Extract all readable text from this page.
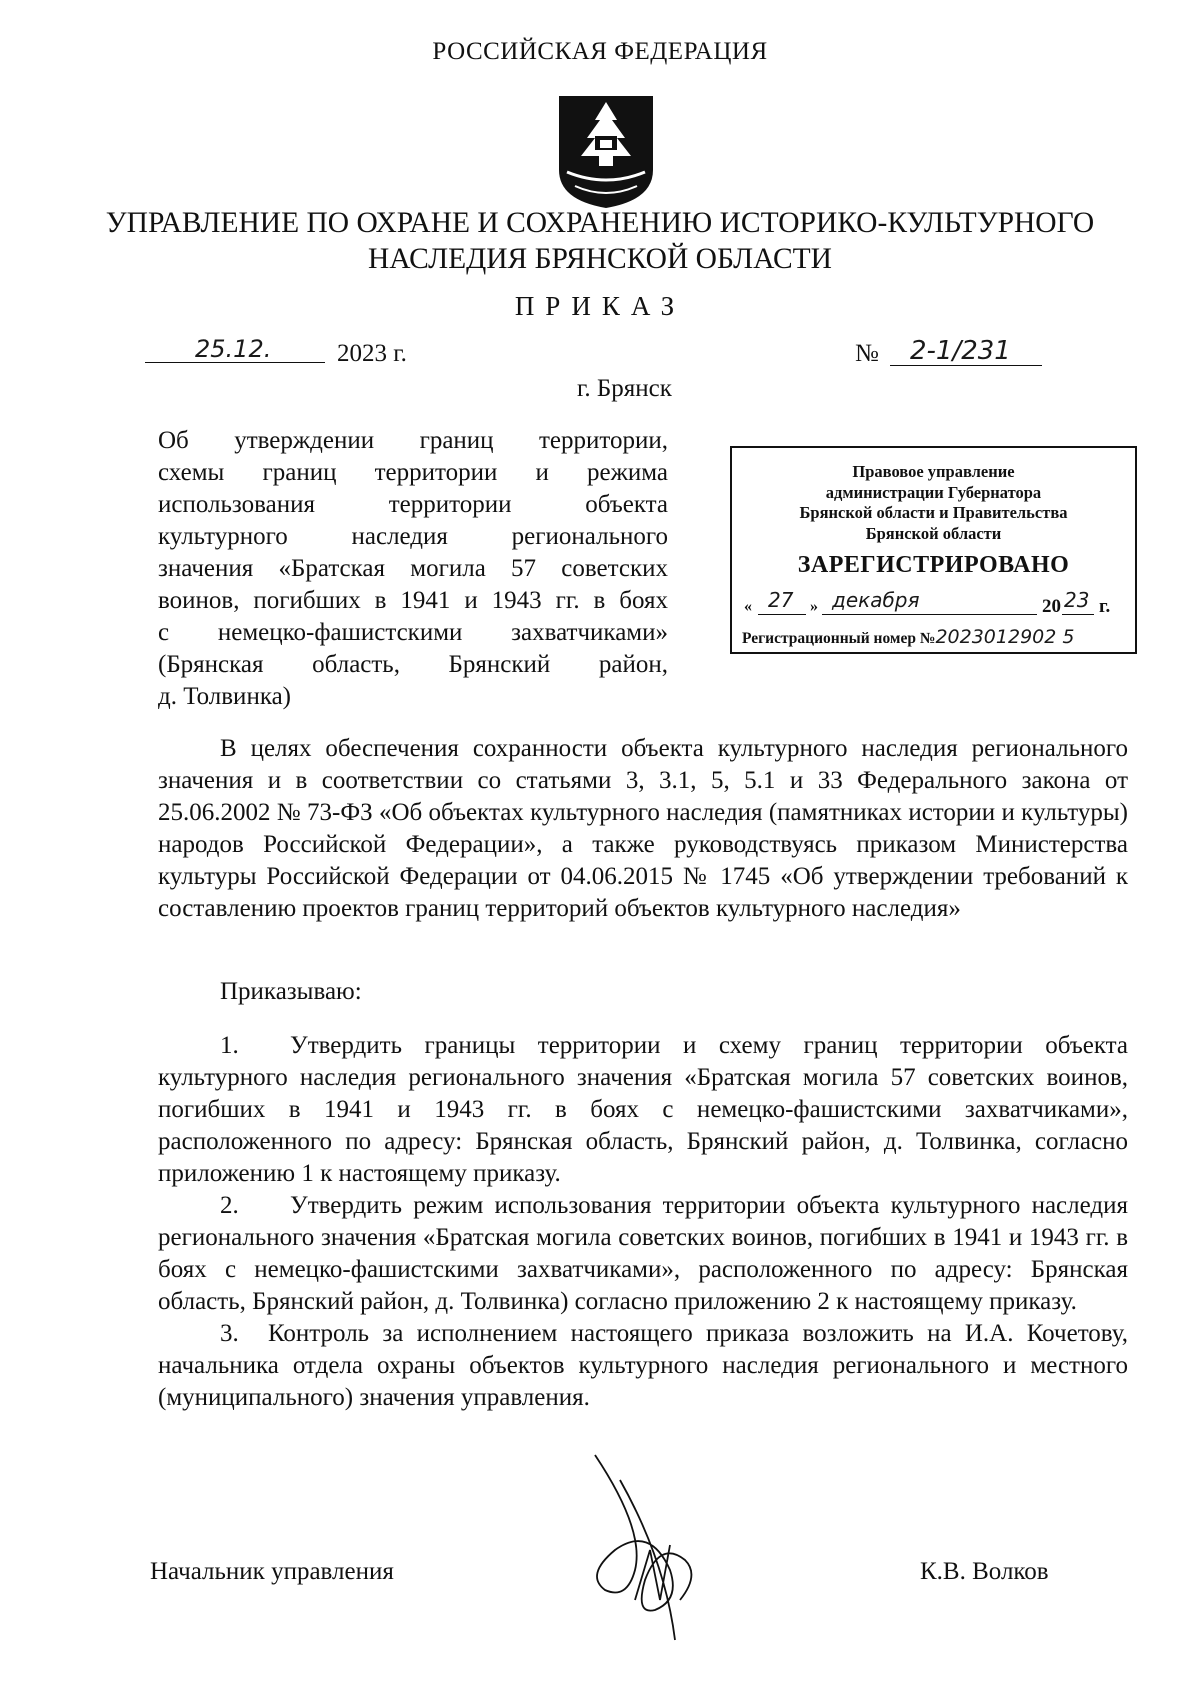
РОССИЙСКАЯ ФЕДЕРАЦИЯ
УПРАВЛЕНИЕ ПО ОХРАНЕ И СОХРАНЕНИЮ ИСТОРИКО-КУЛЬТУРНОГО
НАСЛЕДИЯ БРЯНСКОЙ ОБЛАСТИ
ПРИКАЗ
25.12.	2023 г.	№ 2-1/231
г. Брянск
Об утверждении границ территории,
схемы границ территории и режима
использования территории объекта
культурного наследия регионального
значения «Братская могила 57 советских
воинов, погибших в 1941 и 1943 гг. в боях
с немецко-фашистскими захватчиками»
(Брянская область, Брянский район,
д. Толвинка)
Правовое управление
администрации Губернатора
Брянской области и Правительства
Брянской области
ЗАРЕГИСТРИРОВАНО
« 27 » декабря	20 23 г.
Регистрационный номер №2023012902 5

В целях обеспечения сохранности объекта культурного наследия регионального значения и в соответствии со статьями 3, 3.1, 5, 5.1 и 33 Федерального закона от 25.06.2002 № 73-ФЗ «Об объектах культурного наследия (памятниках истории и культуры) народов Российской Федерации», а также руководствуясь приказом Министерства культуры Российской Федерации от 04.06.2015 № 1745 «Об утверждении требований к составлению проектов границ территорий объектов культурного наследия»

Приказываю:

1. Утвердить границы территории и схему границ территории объекта культурного наследия регионального значения «Братская могила 57 советских воинов, погибших в 1941 и 1943 гг. в боях с немецко-фашистскими захватчиками», расположенного по адресу: Брянская область, Брянский район, д. Толвинка, согласно приложению 1 к настоящему приказу.

2. Утвердить режим использования территории объекта культурного наследия регионального значения «Братская могила советских воинов, погибших в 1941 и 1943 гг. в боях с немецко-фашистскими захватчиками», расположенного по адресу: Брянская область, Брянский район, д. Толвинка) согласно приложению 2 к настоящему приказу.

3. Контроль за исполнением настоящего приказа возложить на И.А. Кочетову, начальника отдела охраны объектов культурного наследия регионального и местного (муниципального) значения управления.

Начальник управления	К.В. Волков
